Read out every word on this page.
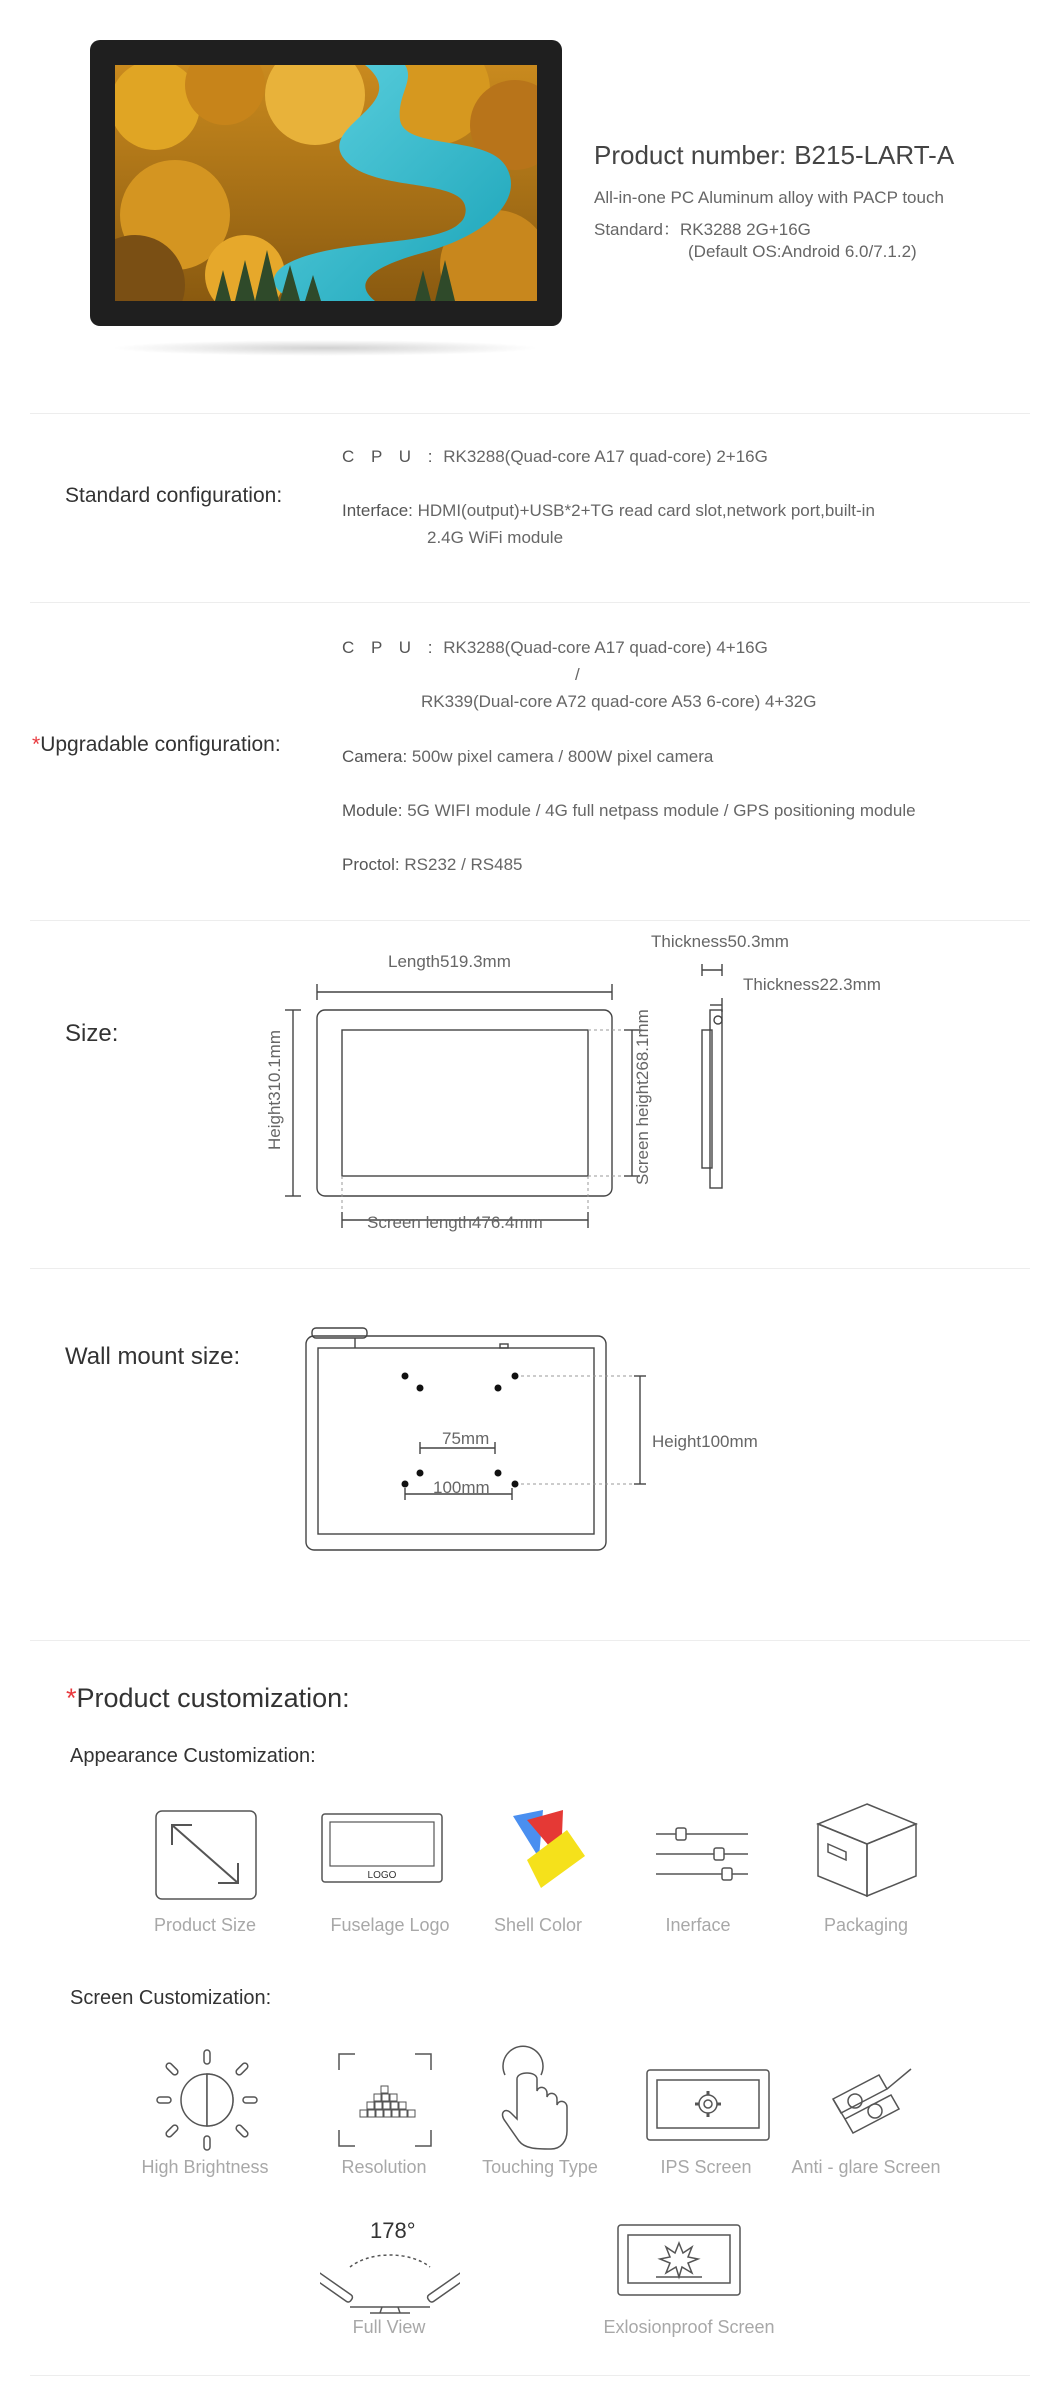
Product number: B215-LART-A
All-in-one PC Aluminum alloy with PACP touch
Standard：RK3288 2G+16G
(Default OS:Android 6.0/7.1.2)
Standard configuration:
C P U : RK3288(Quad-core A17 quad-core) 2+16G
Interface: HDMI(output)+USB*2+TG read card slot,network port,built-in
2.4G WiFi module
*Upgradable configuration:
C P U : RK3288(Quad-core A17 quad-core) 4+16G
/
RK339(Dual-core A72 quad-core A53 6-core) 4+32G
Camera: 500w pixel camera / 800W pixel camera
Module: 5G WIFI module / 4G full netpass module / GPS positioning module
Proctol: RS232 / RS485
Size:
Length519.3mm
Height310.1mm
Screen length476.4mm
Screen height268.1mm
Thickness50.3mm
Thickness22.3mm
Wall mount size:
75mm
100mm
Height100mm
*Product customization:
Appearance Customization:
LOGO
Product Size	Fuselage Logo	Shell Color	Inerface	Packaging
Screen Customization:
High Brightness	Resolution	Touching Type	IPS Screen	Anti - glare Screen
178°
Full View	Exlosionproof Screen
